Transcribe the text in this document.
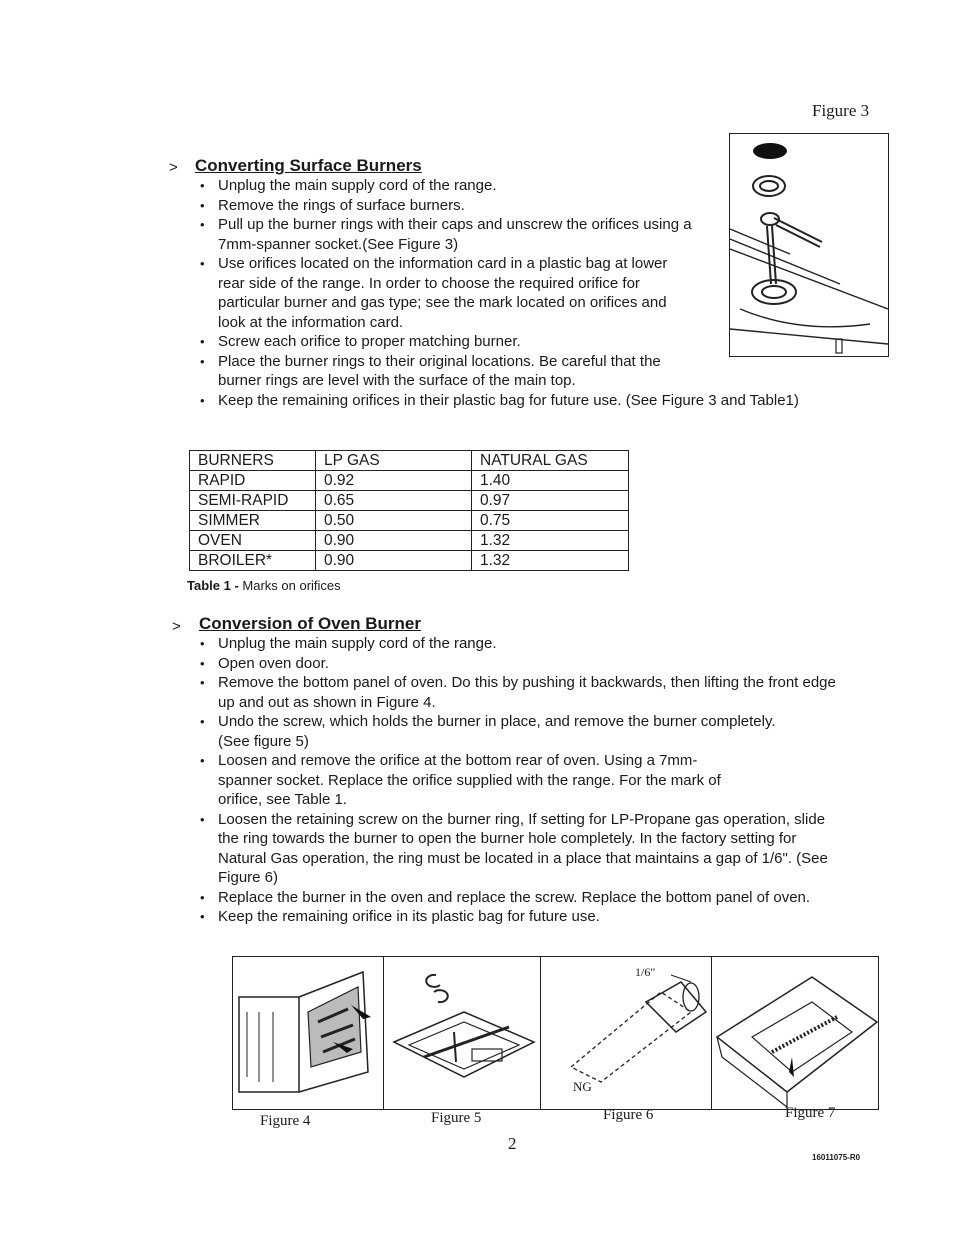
Figure 3
> Converting Surface Burners
• Unplug the main supply cord of the range.
• Remove the rings of surface burners.
• Pull up the burner rings with their caps and unscrew the orifices using a 7mm-spanner socket.(See Figure 3)
• Use orifices located on the information card in a plastic bag at lower rear side of the range. In order to choose the required orifice for particular burner and gas type; see the mark located on orifices and look at the information card.
• Screw each orifice to proper matching burner.
• Place the burner rings to their original locations. Be careful that the burner rings are level with the surface of the main top.
• Keep the remaining orifices in their plastic bag for future use. (See Figure 3 and Table1)
BURNERS	LP GAS	NATURAL GAS
RAPID	0.92	1.40
SEMI-RAPID	0.65	0.97
SIMMER	0.50	0.75
OVEN	0.90	1.32
BROILER*	0.90	1.32
Table 1 - Marks on orifices
> Conversion of Oven Burner
• Unplug the main supply cord of the range.
• Open oven door.
• Remove the bottom panel of oven. Do this by pushing it backwards, then lifting the front edge up and out as shown in Figure 4.
• Undo the screw, which holds the burner in place, and remove the burner completely. (See figure 5)
• Loosen and remove the orifice at the bottom rear of oven. Using a 7mm-spanner socket. Replace the orifice supplied with the range. For the mark of orifice, see Table 1.
• Loosen the retaining screw on the burner ring, If setting for LP-Propane gas operation, slide the ring towards the burner to open the burner hole completely. In the factory setting for Natural Gas operation, the ring must be located in a place that maintains a gap of 1/6". (See Figure 6)
• Replace the burner in the oven and replace the screw. Replace the bottom panel of oven.
• Keep the remaining orifice in its plastic bag for future use.
1/6"
NG
Figure 4	Figure 5	Figure 6	Figure 7
2
16011075-R0
